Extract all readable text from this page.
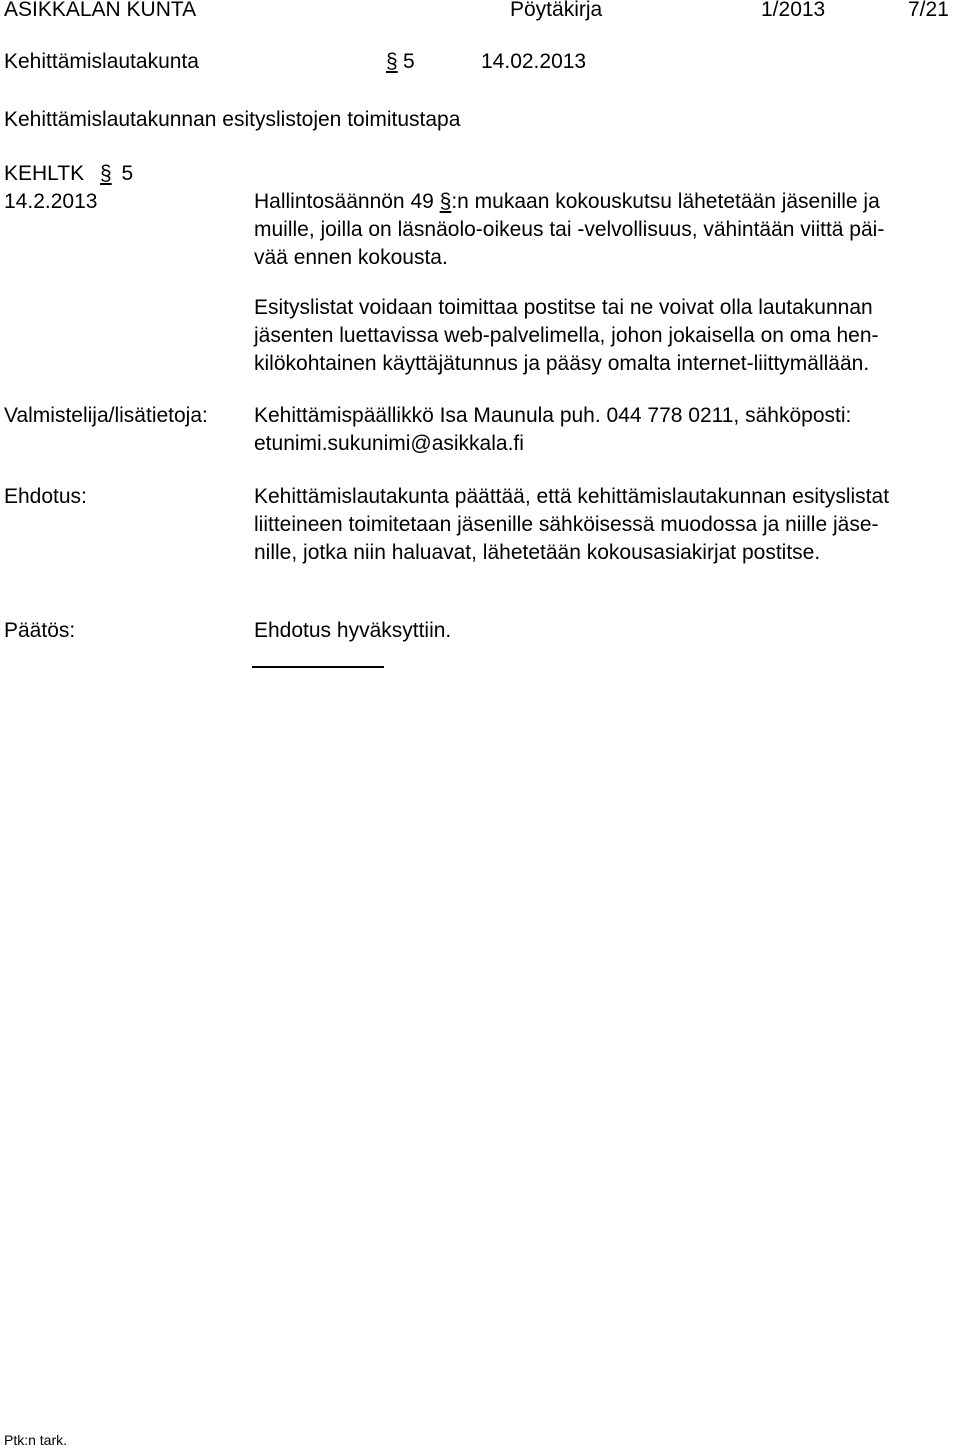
ASIKKALAN KUNTA	Pöytäkirja	1/2013	7/21
Kehittämislautakunta	§ 5	14.02.2013
Kehittämislautakunnan esityslistojen toimitustapa
KEHLTK § 5
14.2.2013	Hallintosäännön 49 §:n mukaan kokouskutsu lähetetään jäsenille ja
muille, joilla on läsnäolo-oikeus tai -velvollisuus, vähintään viittä päi-
vää ennen kokousta.
Esityslistat voidaan toimittaa postitse tai ne voivat olla lautakunnan
jäsenten luettavissa web-palvelimella, johon jokaisella on oma hen-
kilökohtainen käyttäjätunnus ja pääsy omalta internet-liittymällään.
Valmistelija/lisätietoja: Kehittämispäällikkö Isa Maunula puh. 044 778 0211, sähköposti:
etunimi.sukunimi@asikkala.fi
Ehdotus:	Kehittämislautakunta päättää, että kehittämislautakunnan esityslistat
liitteineen toimitetaan jäsenille sähköisessä muodossa ja niille jäse-
nille, jotka niin haluavat, lähetetään kokousasiakirjat postitse.
Päätös:	Ehdotus hyväksyttiin.
Ptk:n tark.
